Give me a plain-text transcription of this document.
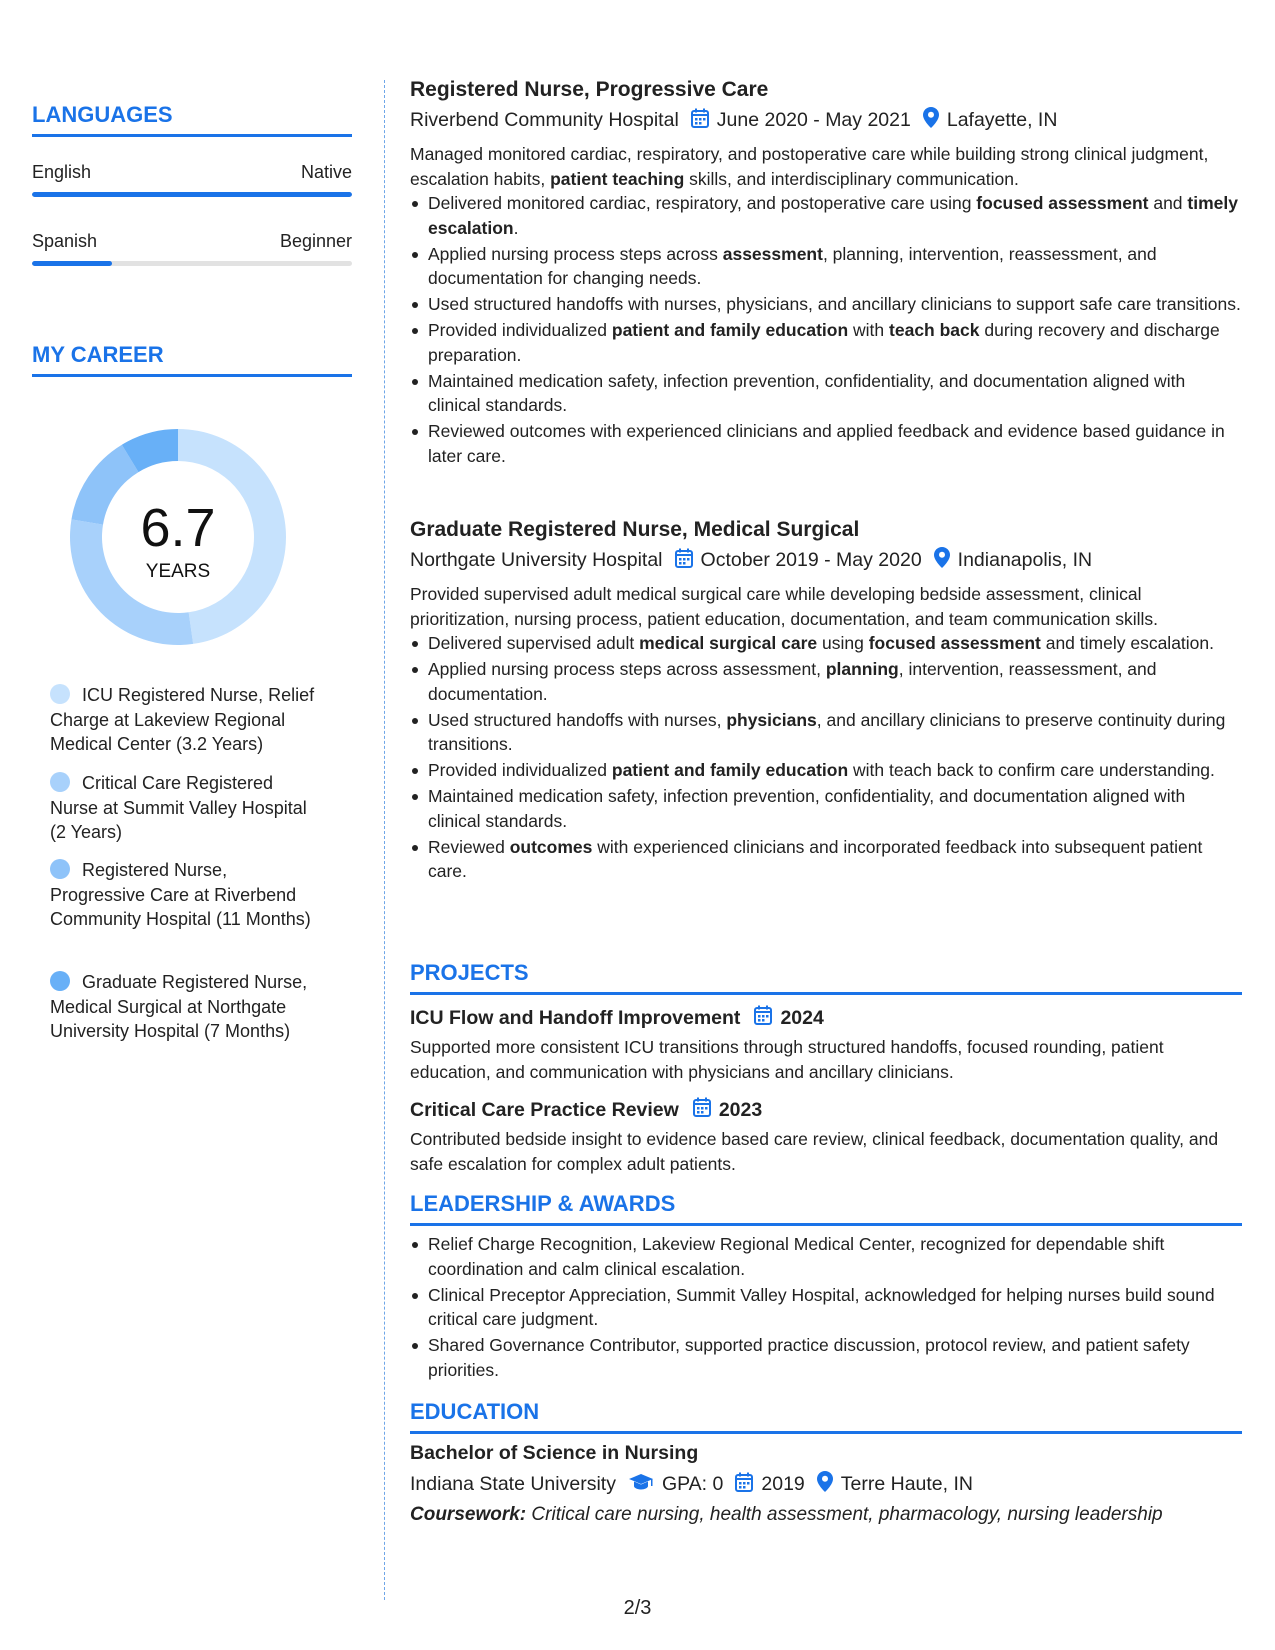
LANGUAGES
English	Native
Spanish	Beginner
MY CAREER
6.7
YEARS
ICU Registered Nurse, Relief Charge at Lakeview Regional Medical Center (3.2 Years)
Critical Care Registered Nurse at Summit Valley Hospital (2 Years)
Registered Nurse, Progressive Care at Riverbend Community Hospital (11 Months)
Graduate Registered Nurse, Medical Surgical at Northgate University Hospital (7 Months)
Registered Nurse, Progressive Care
Riverbend Community Hospital June 2020 - May 2021 Lafayette, IN
Managed monitored cardiac, respiratory, and postoperative care while building strong clinical judgment, escalation habits, patient teaching skills, and interdisciplinary communication.
Delivered monitored cardiac, respiratory, and postoperative care using focused assessment and timely escalation.
Applied nursing process steps across assessment, planning, intervention, reassessment, and documentation for changing needs.
Used structured handoffs with nurses, physicians, and ancillary clinicians to support safe care transitions.
Provided individualized patient and family education with teach back during recovery and discharge preparation.
Maintained medication safety, infection prevention, confidentiality, and documentation aligned with clinical standards.
Reviewed outcomes with experienced clinicians and applied feedback and evidence based guidance in later care.
Graduate Registered Nurse, Medical Surgical
Northgate University Hospital October 2019 - May 2020 Indianapolis, IN
Provided supervised adult medical surgical care while developing bedside assessment, clinical prioritization, nursing process, patient education, documentation, and team communication skills.
Delivered supervised adult medical surgical care using focused assessment and timely escalation.
Applied nursing process steps across assessment, planning, intervention, reassessment, and documentation.
Used structured handoffs with nurses, physicians, and ancillary clinicians to preserve continuity during transitions.
Provided individualized patient and family education with teach back to confirm care understanding.
Maintained medication safety, infection prevention, confidentiality, and documentation aligned with clinical standards.
Reviewed outcomes with experienced clinicians and incorporated feedback into subsequent patient care.
PROJECTS
ICU Flow and Handoff Improvement 2024
Supported more consistent ICU transitions through structured handoffs, focused rounding, patient education, and communication with physicians and ancillary clinicians.
Critical Care Practice Review 2023
Contributed bedside insight to evidence based care review, clinical feedback, documentation quality, and safe escalation for complex adult patients.
LEADERSHIP & AWARDS
Relief Charge Recognition, Lakeview Regional Medical Center, recognized for dependable shift coordination and calm clinical escalation.
Clinical Preceptor Appreciation, Summit Valley Hospital, acknowledged for helping nurses build sound critical care judgment.
Shared Governance Contributor, supported practice discussion, protocol review, and patient safety priorities.
EDUCATION
Bachelor of Science in Nursing
Indiana State University GPA: 0 2019 Terre Haute, IN
Coursework: Critical care nursing, health assessment, pharmacology, nursing leadership
2/3
